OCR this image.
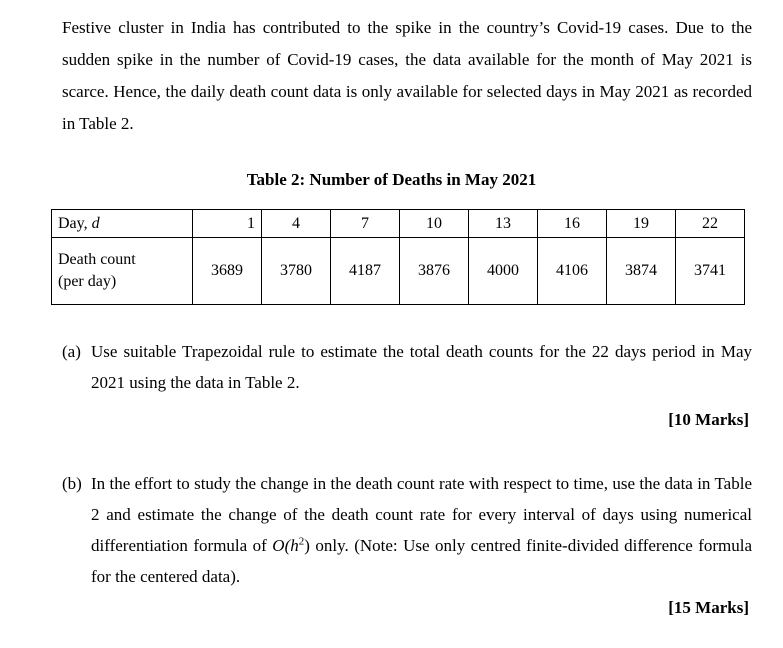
Festive cluster in India has contributed to the spike in the country’s Covid-19 cases. Due to the sudden spike in the number of Covid-19 cases, the data available for the month of May 2021 is scarce. Hence, the daily death count data is only available for selected days in May 2021 as recorded in Table 2.
Table 2: Number of Deaths in May 2021
Day, d	1	4	7	10	13	16	19	22
Death count
(per day)	3689	3780	4187	3876	4000	4106	3874	3741
(a) Use suitable Trapezoidal rule to estimate the total death counts for the 22 days period in May 2021 using the data in Table 2.
[10 Marks]
(b) In the effort to study the change in the death count rate with respect to time, use the data in Table 2 and estimate the change of the death count rate for every interval of days using numerical differentiation formula of $O(h^2)$ only. (Note: Use only centred finite-divided difference formula for the centered data).
[15 Marks]
